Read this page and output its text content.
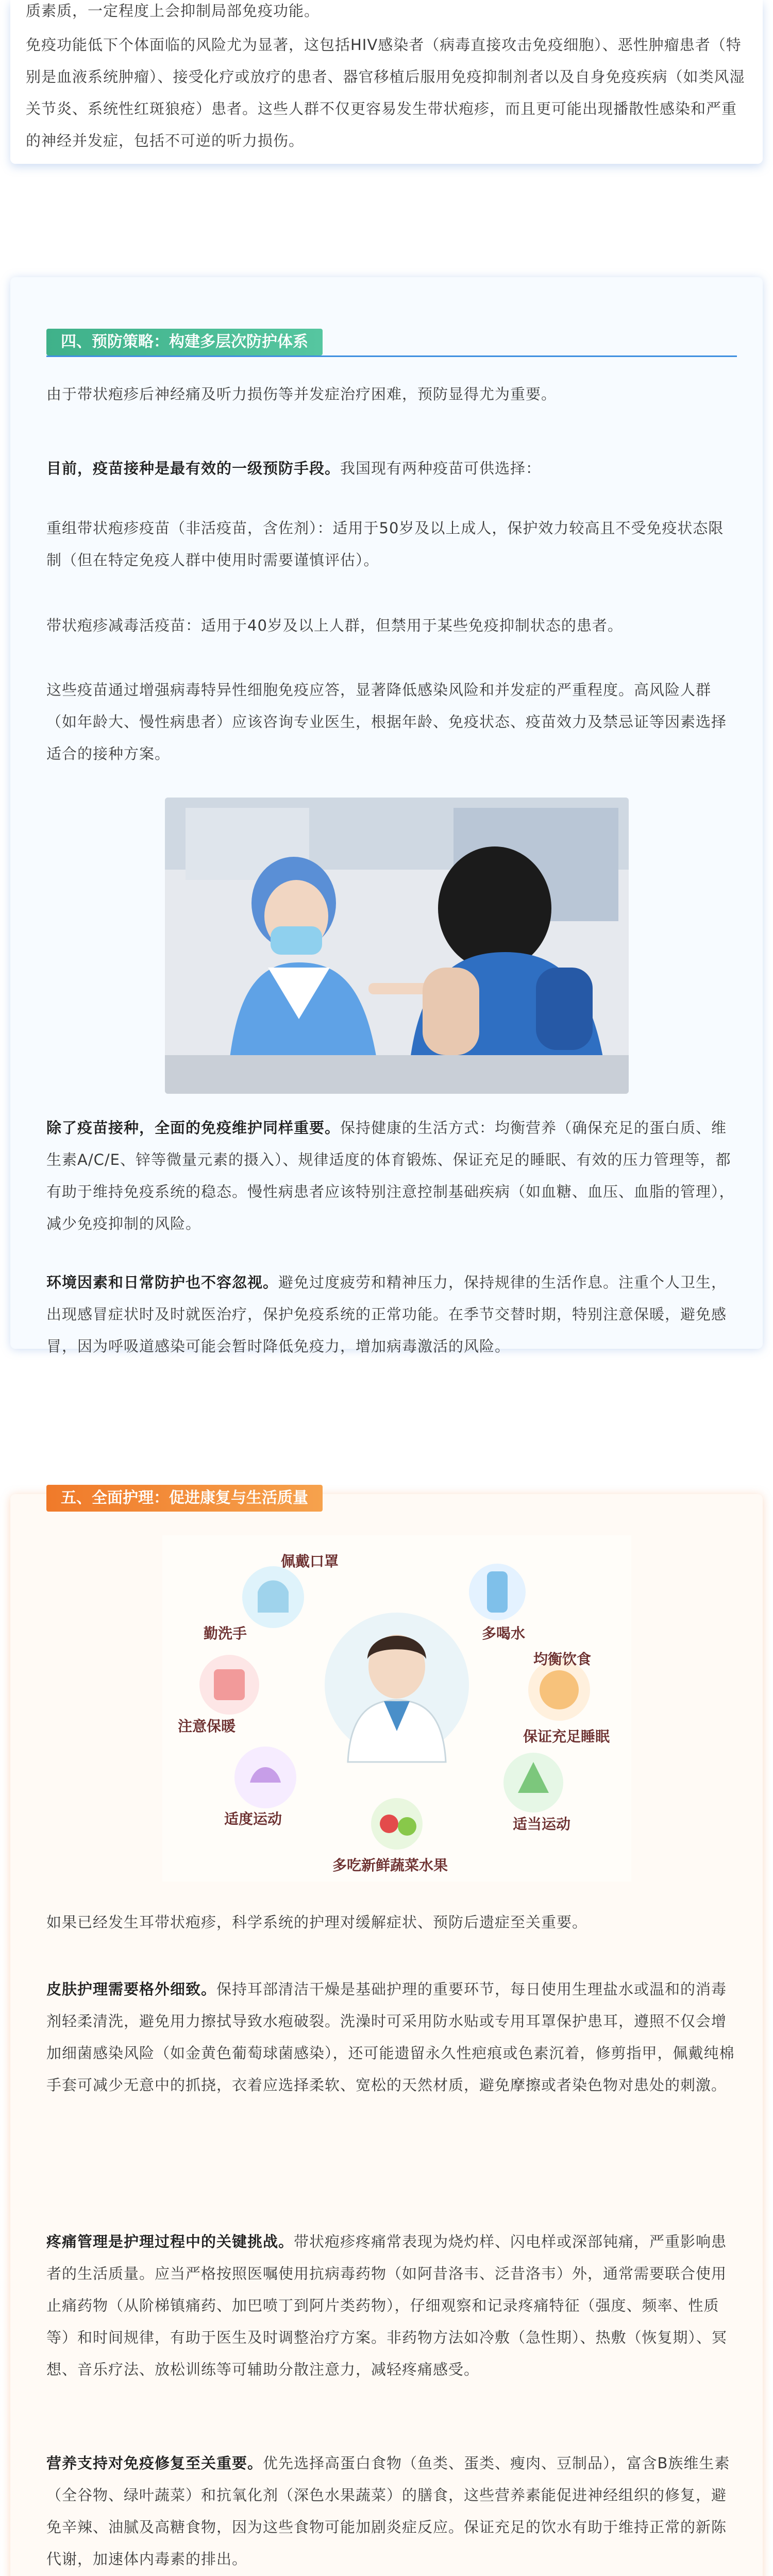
质素质，一定程度上会抑制局部免疫功能。
免疫功能低下个体面临的风险尤为显著，这包括HIV感染者（病毒直接攻击免疫细胞）、恶性肿瘤患者（特别是血液系统肿瘤）、接受化疗或放疗的患者、器官移植后服用免疫抑制剂者以及自身免疫疾病（如类风湿关节炎、系统性红斑狼疮）患者。这些人群不仅更容易发生带状疱疹，而且更可能出现播散性感染和严重的神经并发症，包括不可逆的听力损伤。
四、预防策略：构建多层次防护体系
由于带状疱疹后神经痛及听力损伤等并发症治疗困难，预防显得尤为重要。
目前，疫苗接种是最有效的一级预防手段。我国现有两种疫苗可供选择：
重组带状疱疹疫苗（非活疫苗，含佐剂）：适用于50岁及以上成人，保护效力较高且不受免疫状态限制（但在特定免疫人群中使用时需要谨慎评估）。
带状疱疹减毒活疫苗：适用于40岁及以上人群，但禁用于某些免疫抑制状态的患者。
这些疫苗通过增强病毒特异性细胞免疫应答，显著降低感染风险和并发症的严重程度。高风险人群（如年龄大、慢性病患者）应该咨询专业医生，根据年龄、免疫状态、疫苗效力及禁忌证等因素选择适合的接种方案。
除了疫苗接种，全面的免疫维护同样重要。保持健康的生活方式：均衡营养（确保充足的蛋白质、维生素A/C/E、锌等微量元素的摄入）、规律适度的体育锻炼、保证充足的睡眠、有效的压力管理等，都有助于维持免疫系统的稳态。慢性病患者应该特别注意控制基础疾病（如血糖、血压、血脂的管理），减少免疫抑制的风险。
环境因素和日常防护也不容忽视。避免过度疲劳和精神压力，保持规律的生活作息。注重个人卫生，出现感冒症状时及时就医治疗，保护免疫系统的正常功能。在季节交替时期，特别注意保暖，避免感冒，因为呼吸道感染可能会暂时降低免疫力，增加病毒激活的风险。
五、全面护理：促进康复与生活质量
勤洗手	多喝水
注意保暖
均衡饮食
适度运动
保证充足睡眠
适当运动
多吃新鲜蔬菜水果
佩戴口罩
如果已经发生耳带状疱疹，科学系统的护理对缓解症状、预防后遗症至关重要。
皮肤护理需要格外细致。保持耳部清洁干燥是基础护理的重要环节，每日使用生理盐水或温和的消毒剂轻柔清洗，避免用力擦拭导致水疱破裂。洗澡时可采用防水贴或专用耳罩保护患耳，遵照不仅会增加细菌感染风险（如金黄色葡萄球菌感染），还可能遗留永久性疤痕或色素沉着，修剪指甲，佩戴纯棉手套可减少无意中的抓挠，衣着应选择柔软、宽松的天然材质，避免摩擦或者染色物对患处的刺激。
疼痛管理是护理过程中的关键挑战。带状疱疹疼痛常表现为烧灼样、闪电样或深部钝痛，严重影响患者的生活质量。应当严格按照医嘱使用抗病毒药物（如阿昔洛韦、泛昔洛韦）外，通常需要联合使用止痛药物（从阶梯镇痛药、加巴喷丁到阿片类药物），仔细观察和记录疼痛特征（强度、频率、性质等）和时间规律，有助于医生及时调整治疗方案。非药物方法如冷敷（急性期）、热敷（恢复期）、冥想、音乐疗法、放松训练等可辅助分散注意力，减轻疼痛感受。
营养支持对免疫修复至关重要。优先选择高蛋白食物（鱼类、蛋类、瘦肉、豆制品），富含B族维生素（全谷物、绿叶蔬菜）和抗氧化剂（深色水果蔬菜）的膳食，这些营养素能促进神经组织的修复，避免辛辣、油腻及高糖食物，因为这些食物可能加剧炎症反应。保证充足的饮水有助于维持正常的新陈代谢，加速体内毒素的排出。
